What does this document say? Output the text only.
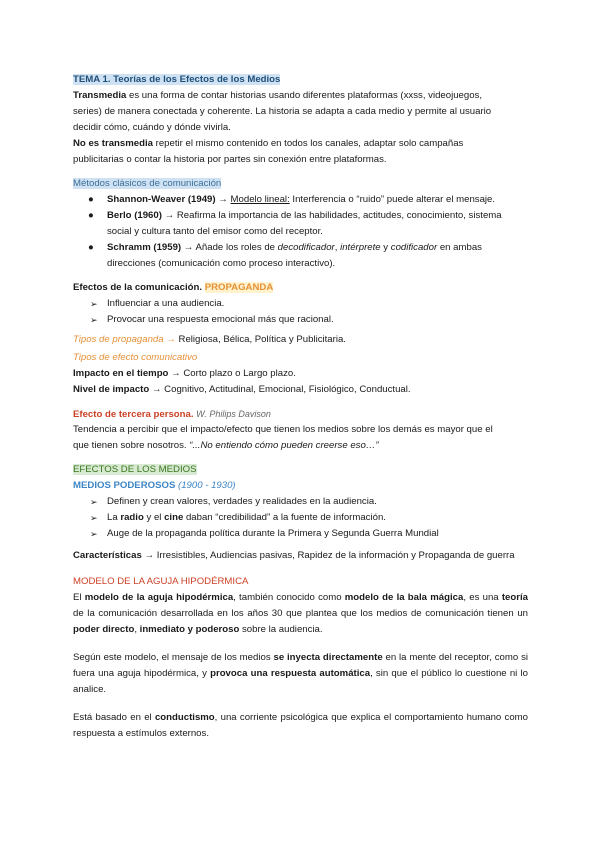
TEMA 1. Teorías de los Efectos de los Medios
Transmedia es una forma de contar historias usando diferentes plataformas (xxss, videojuegos,
series) de manera conectada y coherente. La historia se adapta a cada medio y permite al usuario
decidir cómo, cuándo y dónde vivirla.
No es transmedia repetir el mismo contenido en todos los canales, adaptar solo campañas
publicitarias o contar la historia por partes sin conexión entre plataformas.
Métodos clásicos de comunicación
● Shannon-Weaver (1949) → Modelo lineal: Interferencia o “ruido” puede alterar el mensaje.
● Berlo (1960) → Reafirma la importancia de las habilidades, actitudes, conocimiento, sistema
social y cultura tanto del emisor como del receptor.
● Schramm (1959) → Añade los roles de decodificador, intérprete y codificador en ambas
direcciones (comunicación como proceso interactivo).
Efectos de la comunicación. PROPAGANDA
➢ Influenciar a una audiencia.
➢ Provocar una respuesta emocional más que racional.
Tipos de propaganda → Religiosa, Bélica, Política y Publicitaria.
Tipos de efecto comunicativo
Impacto en el tiempo → Corto plazo o Largo plazo.
Nivel de impacto → Cognitivo, Actitudinal, Emocional, Fisiológico, Conductual.
Efecto de tercera persona. W. Philips Davison
Tendencia a percibir que el impacto/efecto que tienen los medios sobre los demás es mayor que el
que tienen sobre nosotros. “...No entiendo cómo pueden creerse eso…”
EFECTOS DE LOS MEDIOS
MEDIOS PODEROSOS (1900 - 1930)
➢ Definen y crean valores, verdades y realidades en la audiencia.
➢ La radio y el cine daban “credibilidad” a la fuente de información.
➢ Auge de la propaganda política durante la Primera y Segunda Guerra Mundial
Características → Irresistibles, Audiencias pasivas, Rapidez de la información y Propaganda de guerra
MODELO DE LA AGUJA HIPODÉRMICA
El modelo de la aguja hipodérmica, también conocido como modelo de la bala mágica, es una teoría de la comunicación desarrollada en los años 30 que plantea que los medios de comunicación tienen un poder directo, inmediato y poderoso sobre la audiencia.
Según este modelo, el mensaje de los medios se inyecta directamente en la mente del receptor, como si fuera una aguja hipodérmica, y provoca una respuesta automática, sin que el público lo cuestione ni lo analice.
Está basado en el conductismo, una corriente psicológica que explica el comportamiento humano como respuesta a estímulos externos.
